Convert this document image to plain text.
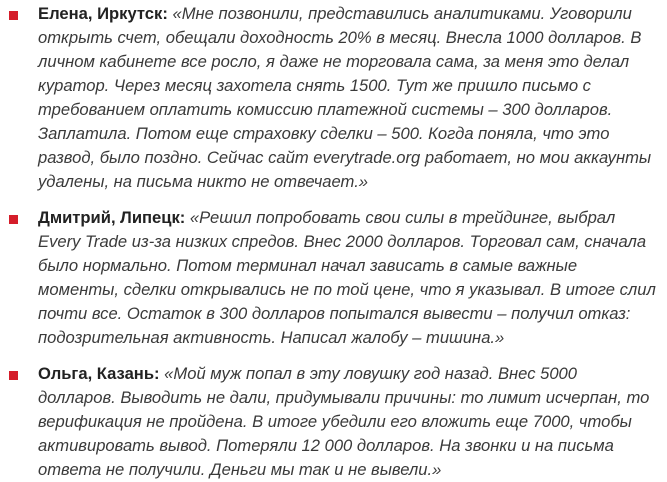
Елена, Иркутск: «Мне позвонили, представились аналитиками. Уговорили открыть счет, обещали доходность 20% в месяц. Внесла 1000 долларов. В личном кабинете все росло, я даже не торговала сама, за меня это делал куратор. Через месяц захотела снять 1500. Тут же пришло письмо с требованием оплатить комиссию платежной системы – 300 долларов. Заплатила. Потом еще страховку сделки – 500. Когда поняла, что это развод, было поздно. Сейчас сайт everytrade.org работает, но мои аккаунты удалены, на письма никто не отвечает.»
Дмитрий, Липецк: «Решил попробовать свои силы в трейдинге, выбрал Every Trade из-за низких спредов. Внес 2000 долларов. Торговал сам, сначала было нормально. Потом терминал начал зависать в самые важные моменты, сделки открывались не по той цене, что я указывал. В итоге слил почти все. Остаток в 300 долларов попытался вывести – получил отказ: подозрительная активность. Написал жалобу – тишина.»
Ольга, Казань: «Мой муж попал в эту ловушку год назад. Внес 5000 долларов. Выводить не дали, придумывали причины: то лимит исчерпан, то верификация не пройдена. В итоге убедили его вложить еще 7000, чтобы активировать вывод. Потеряли 12 000 долларов. На звонки и на письма ответа не получили. Деньги мы так и не вывели.»
